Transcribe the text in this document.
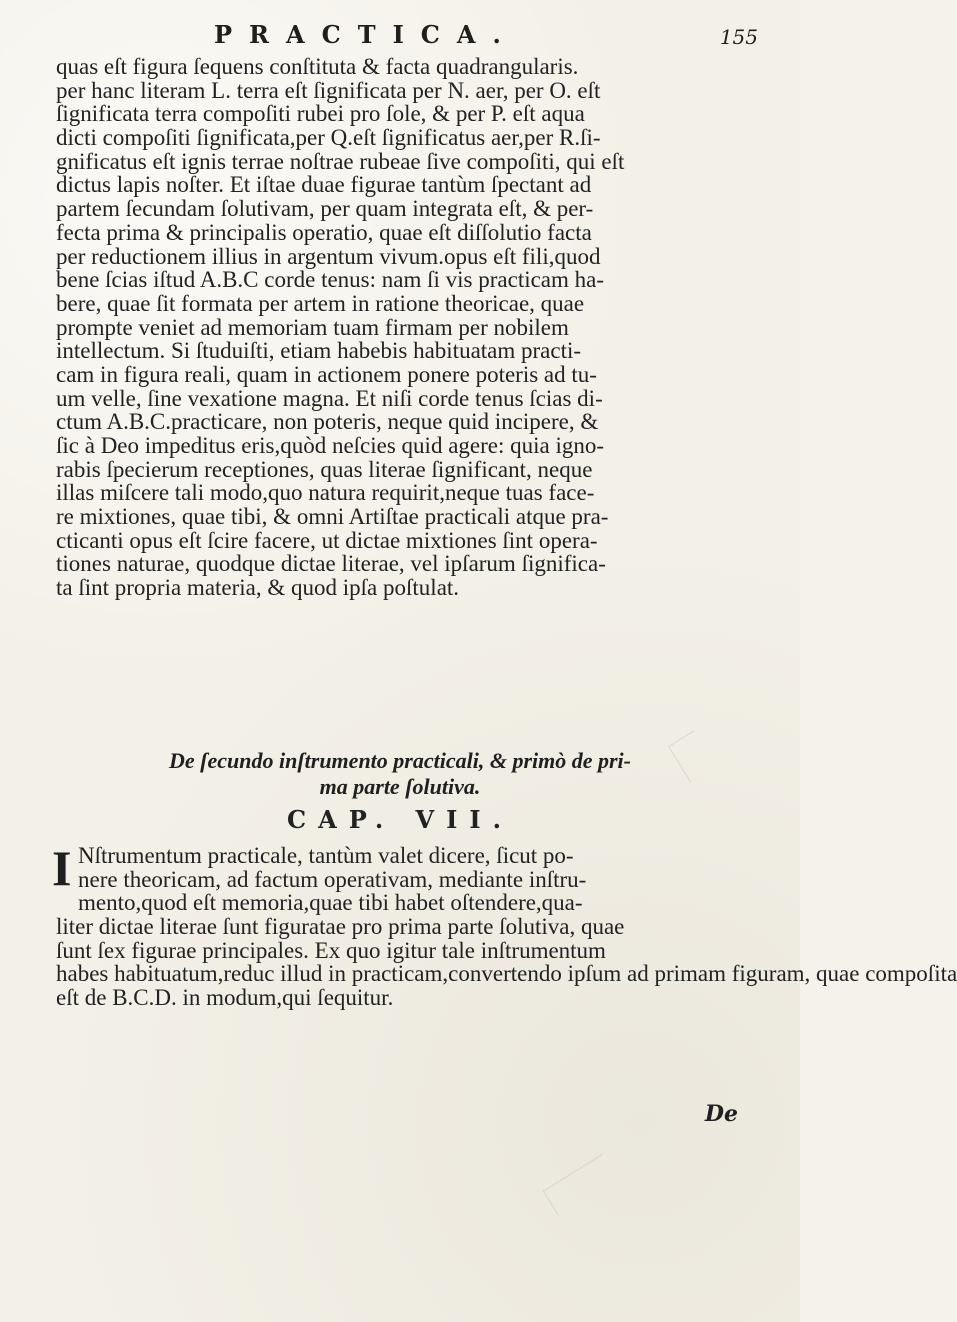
PRACTICA.	155
quas eſt figura ſequens conſtituta & facta quadrangularis.
per hanc literam L. terra eſt ſignificata per N. aer, per O. eſt
ſignificata terra compoſiti rubei pro ſole, & per P. eſt aqua
dicti compoſiti ſignificata,per Q.eſt ſignificatus aer,per R.ſi-
gnificatus eſt ignis terrae noſtrae rubeae ſive compoſiti, qui eſt
dictus lapis noſter. Et iſtae duae figurae tantùm ſpectant ad
partem ſecundam ſolutivam, per quam integrata eſt, & per-
fecta prima & principalis operatio, quae eſt diſſolutio facta
per reductionem illius in argentum vivum.opus eſt fili,quod
bene ſcias iſtud A.B.C corde tenus: nam ſi vis practicam ha-
bere, quae ſit formata per artem in ratione theoricae, quae
prompte veniet ad memoriam tuam firmam per nobilem
intellectum. Si ſtuduiſti, etiam habebis habituatam practi-
cam in figura reali, quam in actionem ponere poteris ad tu-
um velle, ſine vexatione magna. Et niſi corde tenus ſcias di-
ctum A.B.C.practicare, non poteris, neque quid incipere, &
ſic à Deo impeditus eris,quòd neſcies quid agere: quia igno-
rabis ſpecierum receptiones, quas literae ſignificant, neque
illas miſcere tali modo,quo natura requirit,neque tuas face-
re mixtiones, quae tibi, & omni Artiſtae practicali atque pra-
cticanti opus eſt ſcire facere, ut dictae mixtiones ſint opera-
tiones naturae, quodque dictae literae, vel ipſarum ſignifica-
ta ſint propria materia, & quod ipſa poſtulat.
De ſecundo inſtrumento practicali, & primò de pri-
ma parte ſolutiva.
CAP. VII.
I Nſtrumentum practicale, tantùm valet dicere, ſicut po-
nere theoricam, ad factum operativam, mediante inſtru-
mento,quod eſt memoria,quae tibi habet oſtendere,qua-
liter dictae literae ſunt figuratae pro prima parte ſolutiva, quae
ſunt ſex figurae principales. Ex quo igitur tale inſtrumentum
habes habituatum,reduc illud in practicam,convertendo ipſum ad primam figuram, quae compoſita
eſt de B.C.D. in modum,qui ſequitur.
De
